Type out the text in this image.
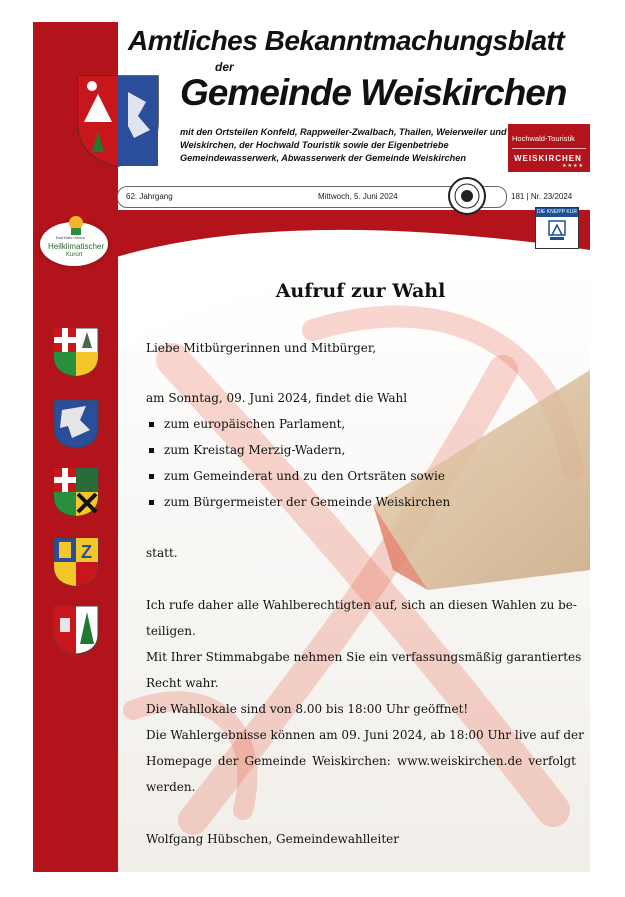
Amtliches Bekanntmachungsblatt
der
Gemeinde Weiskirchen
mit den Ortsteilen Konfeld, Rappweiler-Zwalbach, Thailen, Weierweiler und Weiskirchen, der Hochwald Touristik sowie der Eigenbetriebe Gemeindewasserwerk, Abwasserwerk der Gemeinde Weiskirchen
Hochwald-Touristik
WEISKIRCHEN
★★★★
62. Jahrgang	Mittwoch, 5. Juni 2024	181 | Nr. 23/2024
DIE KNEIPP KUR
Bad Bahn Klima
Heilklimatischer
Kurort
Z
Aufruf zur Wahl
Liebe Mitbürgerinnen und Mitbürger,
am Sonntag, 09. Juni 2024, findet die Wahl
zum europäischen Parlament,
zum Kreistag Merzig-Wadern,
zum Gemeinderat und zu den Ortsräten sowie
zum Bürgermeister der Gemeinde Weiskirchen
statt.
Ich rufe daher alle Wahlberechtigten auf, sich an diesen Wahlen zu be-
teiligen.
Mit Ihrer Stimmabgabe nehmen Sie ein verfassungsmäßig garantiertes
Recht wahr.
Die Wahllokale sind von 8.00 bis 18:00 Uhr geöffnet!
Die Wahlergebnisse können am 09. Juni 2024, ab 18:00 Uhr live auf der
Homepage der Gemeinde Weiskirchen: www.weiskirchen.de verfolgt
werden.
Wolfgang Hübschen, Gemeindewahlleiter
